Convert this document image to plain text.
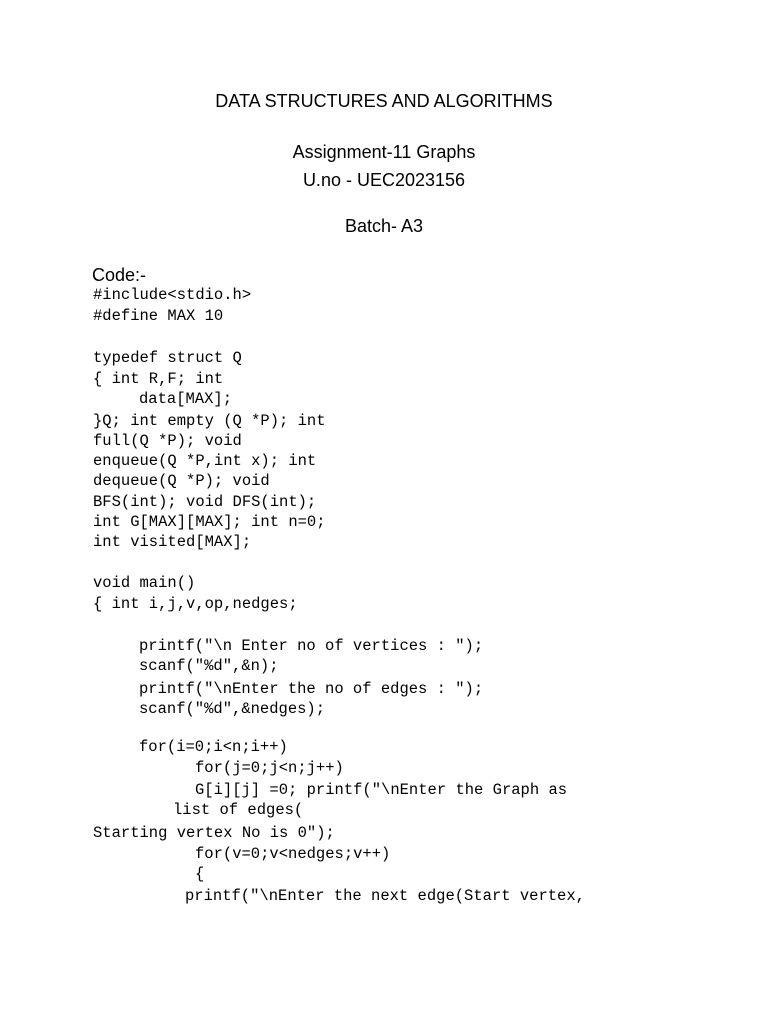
DATA STRUCTURES AND ALGORITHMS
Assignment-11 Graphs
U.no - UEC2023156
Batch- A3
Code:-
#include<stdio.h>
#define MAX 10
typedef struct Q
{ int R,F; int
data[MAX];
}Q; int empty (Q *P); int
full(Q *P); void
enqueue(Q *P,int x); int
dequeue(Q *P); void
BFS(int); void DFS(int);
int G[MAX][MAX]; int n=0;
int visited[MAX];
void main()
{ int i,j,v,op,nedges;
printf("\n Enter no of vertices : ");
scanf("%d",&n);
printf("\nEnter the no of edges : ");
scanf("%d",&nedges);
for(i=0;i<n;i++)
for(j=0;j<n;j++)
G[i][j] =0; printf("\nEnter the Graph as
list of edges(
Starting vertex No is 0");
for(v=0;v<nedges;v++)
{
printf("\nEnter the next edge(Start vertex,
